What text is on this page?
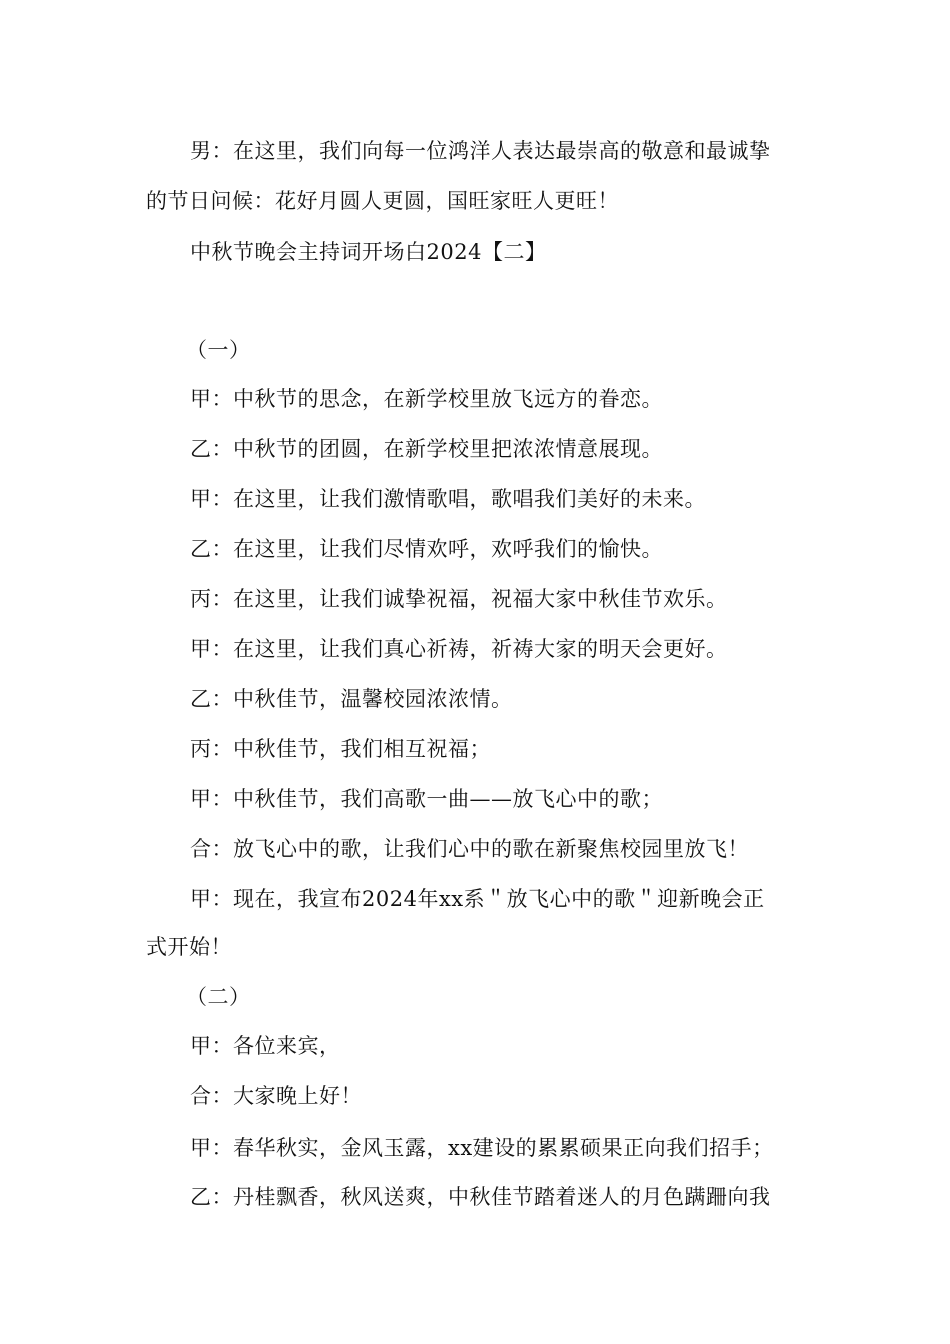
男：在这里，我们向每一位鸿洋人表达最崇高的敬意和最诚挚
的节日问候：花好月圆人更圆，国旺家旺人更旺！
中秋节晚会主持词开场白2024【二】
（一）
甲：中秋节的思念，在新学校里放飞远方的眷恋。
乙：中秋节的团圆，在新学校里把浓浓情意展现。
甲：在这里，让我们激情歌唱，歌唱我们美好的未来。
乙：在这里，让我们尽情欢呼，欢呼我们的愉快。
丙：在这里，让我们诚挚祝福，祝福大家中秋佳节欢乐。
甲：在这里，让我们真心祈祷，祈祷大家的明天会更好。
乙：中秋佳节，温馨校园浓浓情。
丙：中秋佳节，我们相互祝福；
甲：中秋佳节，我们高歌一曲——放飞心中的歌；
合：放飞心中的歌，让我们心中的歌在新聚焦校园里放飞！
甲：现在，我宣布2024年xx系＂放飞心中的歌＂迎新晚会正
式开始！
（二）
甲：各位来宾，
合：大家晚上好！
甲：春华秋实，金风玉露，xx建设的累累硕果正向我们招手；
乙：丹桂飘香，秋风送爽，中秋佳节踏着迷人的月色蹒跚向我
